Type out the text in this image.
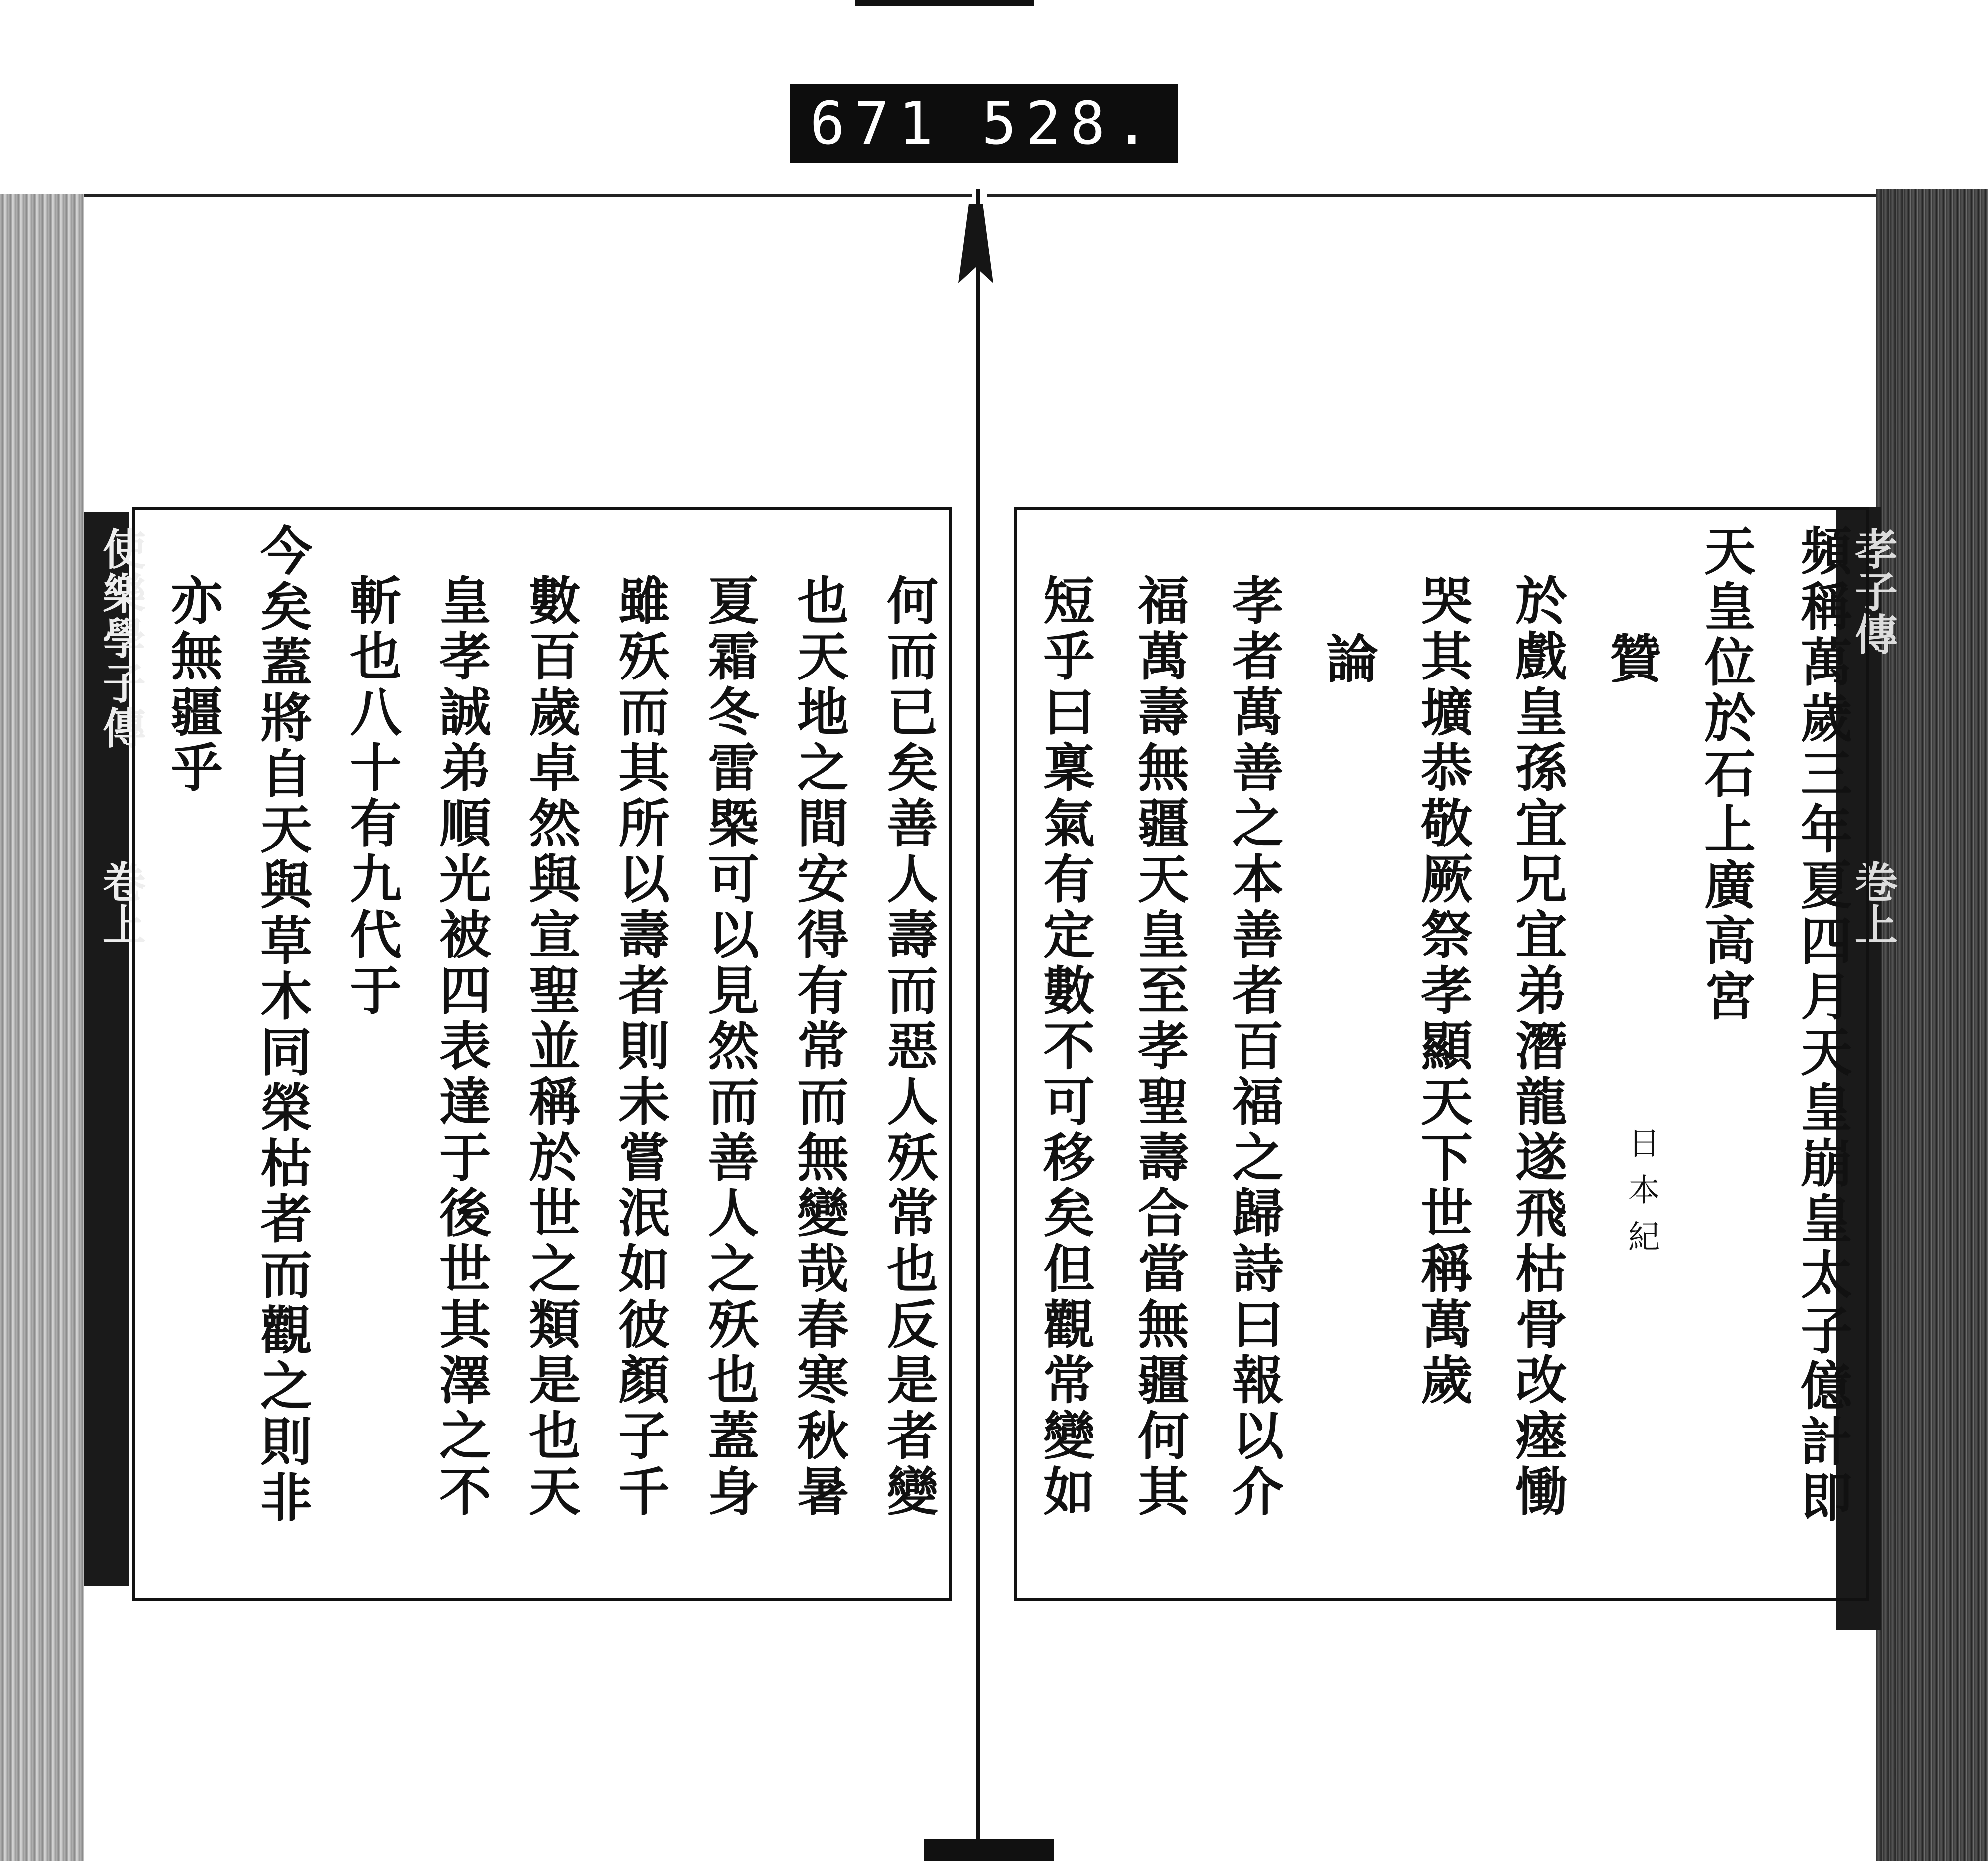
671 528.
使樂學子傳
卷上
孝子傳
卷上
頻稱萬歲三年夏四月天皇崩皇太子億計即
天皇位於石上廣高宮
贊
於戲皇孫宜兄宜弟潛龍遂飛枯骨改瘞慟
哭其壙恭敬厥祭孝顯天下世稱萬歲
論
孝者萬善之本善者百福之歸詩曰報以介
福萬壽無疆天皇至孝聖壽合當無疆何其
短乎曰稟氣有定數不可移矣但觀常變如	日本紀
何而已矣善人壽而惡人殀常也反是者變
也天地之間安得有常而無變哉春寒秋暑
夏霜冬雷槩可以見然而善人之殀也蓋身
雖殀而其所以壽者則未嘗泯如彼顏子千
數百歲卓然與宣聖並稱於世之類是也天
皇孝誠弟順光被四表達于後世其澤之不
斬也八十有九代于
今矣蓋將自天與草木同榮枯者而觀之則非
亦無疆乎
